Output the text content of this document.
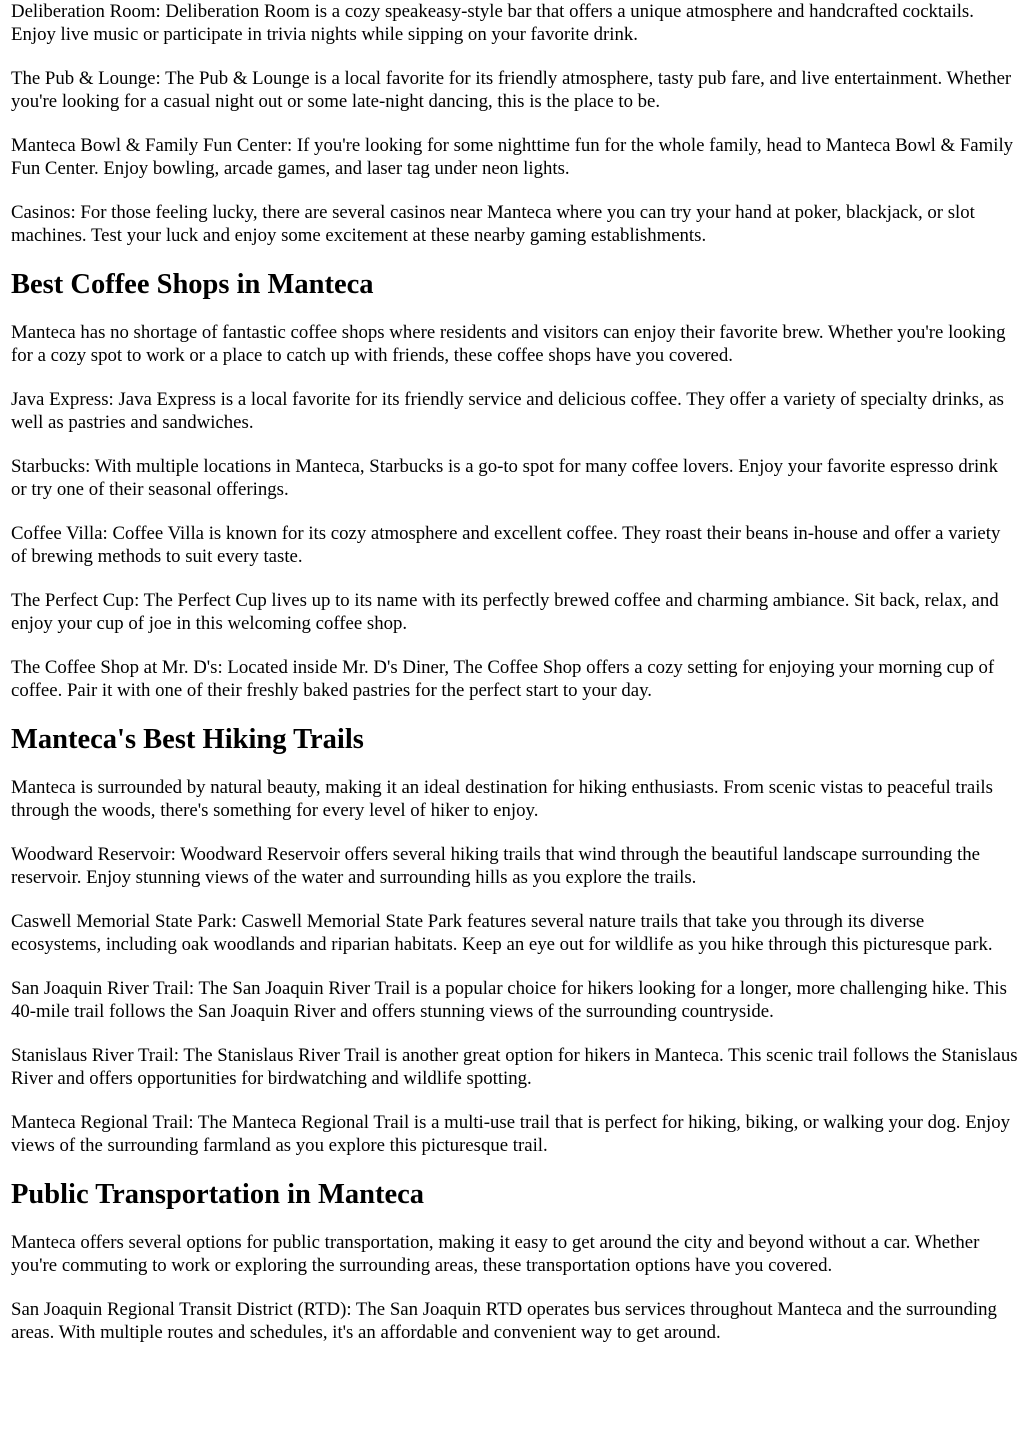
Deliberation Room: Deliberation Room is a cozy speakeasy-style bar that offers a unique atmosphere and handcrafted cocktails. Enjoy live music or participate in trivia nights while sipping on your favorite drink.

The Pub & Lounge: The Pub & Lounge is a local favorite for its friendly atmosphere, tasty pub fare, and live entertainment. Whether you're looking for a casual night out or some late-night dancing, this is the place to be.

Manteca Bowl & Family Fun Center: If you're looking for some nighttime fun for the whole family, head to Manteca Bowl & Family Fun Center. Enjoy bowling, arcade games, and laser tag under neon lights.

Casinos: For those feeling lucky, there are several casinos near Manteca where you can try your hand at poker, blackjack, or slot machines. Test your luck and enjoy some excitement at these nearby gaming establishments.

Best Coffee Shops in Manteca

Manteca has no shortage of fantastic coffee shops where residents and visitors can enjoy their favorite brew. Whether you're looking for a cozy spot to work or a place to catch up with friends, these coffee shops have you covered.

Java Express: Java Express is a local favorite for its friendly service and delicious coffee. They offer a variety of specialty drinks, as well as pastries and sandwiches.

Starbucks: With multiple locations in Manteca, Starbucks is a go-to spot for many coffee lovers. Enjoy your favorite espresso drink or try one of their seasonal offerings.

Coffee Villa: Coffee Villa is known for its cozy atmosphere and excellent coffee. They roast their beans in-house and offer a variety of brewing methods to suit every taste.

The Perfect Cup: The Perfect Cup lives up to its name with its perfectly brewed coffee and charming ambiance. Sit back, relax, and enjoy your cup of joe in this welcoming coffee shop.

The Coffee Shop at Mr. D's: Located inside Mr. D's Diner, The Coffee Shop offers a cozy setting for enjoying your morning cup of coffee. Pair it with one of their freshly baked pastries for the perfect start to your day.

Manteca's Best Hiking Trails

Manteca is surrounded by natural beauty, making it an ideal destination for hiking enthusiasts. From scenic vistas to peaceful trails through the woods, there's something for every level of hiker to enjoy.

Woodward Reservoir: Woodward Reservoir offers several hiking trails that wind through the beautiful landscape surrounding the reservoir. Enjoy stunning views of the water and surrounding hills as you explore the trails.

Caswell Memorial State Park: Caswell Memorial State Park features several nature trails that take you through its diverse ecosystems, including oak woodlands and riparian habitats. Keep an eye out for wildlife as you hike through this picturesque park.

San Joaquin River Trail: The San Joaquin River Trail is a popular choice for hikers looking for a longer, more challenging hike. This 40-mile trail follows the San Joaquin River and offers stunning views of the surrounding countryside.

Stanislaus River Trail: The Stanislaus River Trail is another great option for hikers in Manteca. This scenic trail follows the Stanislaus River and offers opportunities for birdwatching and wildlife spotting.

Manteca Regional Trail: The Manteca Regional Trail is a multi-use trail that is perfect for hiking, biking, or walking your dog. Enjoy views of the surrounding farmland as you explore this picturesque trail.

Public Transportation in Manteca

Manteca offers several options for public transportation, making it easy to get around the city and beyond without a car. Whether you're commuting to work or exploring the surrounding areas, these transportation options have you covered.

San Joaquin Regional Transit District (RTD): The San Joaquin RTD operates bus services throughout Manteca and the surrounding areas. With multiple routes and schedules, it's an affordable and convenient way to get around.
